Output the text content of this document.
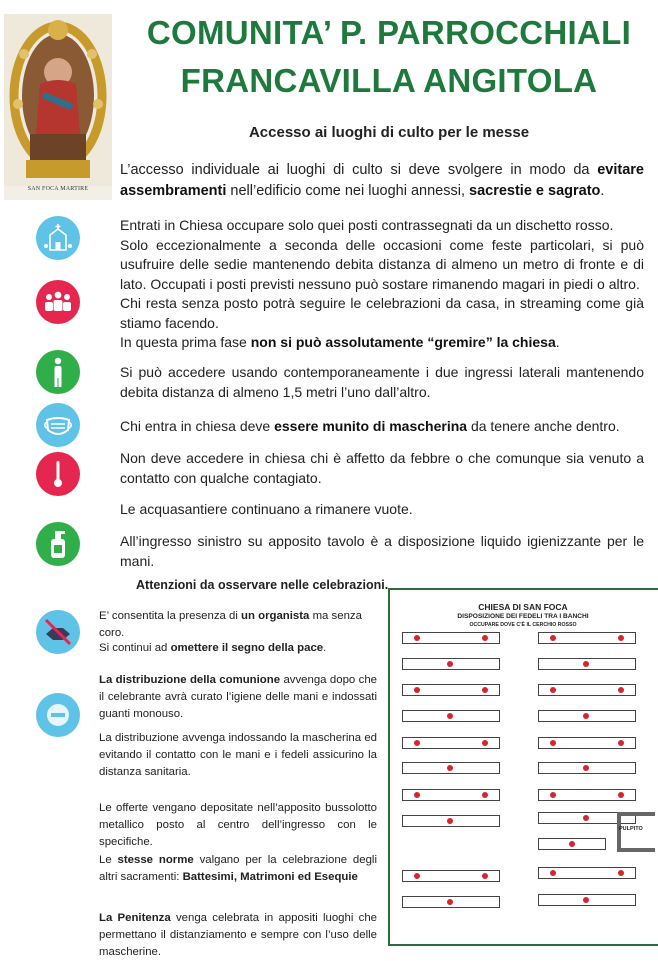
SAN FOCA MARTIRE
COMUNITA’ P. PARROCCHIALI
FRANCAVILLA ANGITOLA
Accesso ai luoghi di culto per le messe
L’accesso individuale ai luoghi di culto si deve svolgere in modo da evitare assembramenti nell’edificio come nei luoghi annessi, sacrestie e sagrato.
Entrati in Chiesa occupare solo quei posti contrassegnati da un dischetto rosso.
Solo eccezionalmente a seconda delle occasioni come feste particolari, si può usufruire delle sedie mantenendo debita distanza di almeno un metro di fronte e di lato. Occupati i posti previsti nessuno può sostare rimanendo magari in piedi o altro.
Chi resta senza posto potrà seguire le celebrazioni da casa, in streaming come già stiamo facendo.
In questa prima fase non si può assolutamente “gremire” la chiesa.
Si può accedere usando contemporaneamente i due ingressi laterali mantenendo debita distanza di almeno 1,5 metri l’uno dall’altro.
Chi entra in chiesa deve essere munito di mascherina da tenere anche dentro.
Non deve accedere in chiesa chi è affetto da febbre o che comunque sia venuto a contatto con qualche contagiato.
Le acquasantiere continuano a rimanere vuote.
All’ingresso sinistro su apposito tavolo è a disposizione liquido igienizzante per le mani.
Attenzioni da osservare nelle celebrazioni.
E’ consentita la presenza di un organista ma senza coro.
Si continui ad omettere il segno della pace.
La distribuzione della comunione avvenga dopo che il celebrante avrà curato l’igiene delle mani e indossati guanti monouso.
La distribuzione avvenga indossando la mascherina ed evitando il contatto con le mani e i fedeli assicurino la distanza sanitaria.
Le offerte vengano depositate nell’apposito bussolotto metallico posto al centro dell’ingresso con le specifiche.
Le stesse norme valgano per la celebrazione degli altri sacramenti: Battesimi, Matrimoni ed Esequie
La Penitenza venga celebrata in appositi luoghi che permettano il distanziamento e sempre con l’uso delle mascherine.
CHIESA DI SAN FOCA
DISPOSIZIONE DEI FEDELI TRA I BANCHI
OCCUPARE DOVE C’È IL CERCHIO ROSSO
PULPITO
